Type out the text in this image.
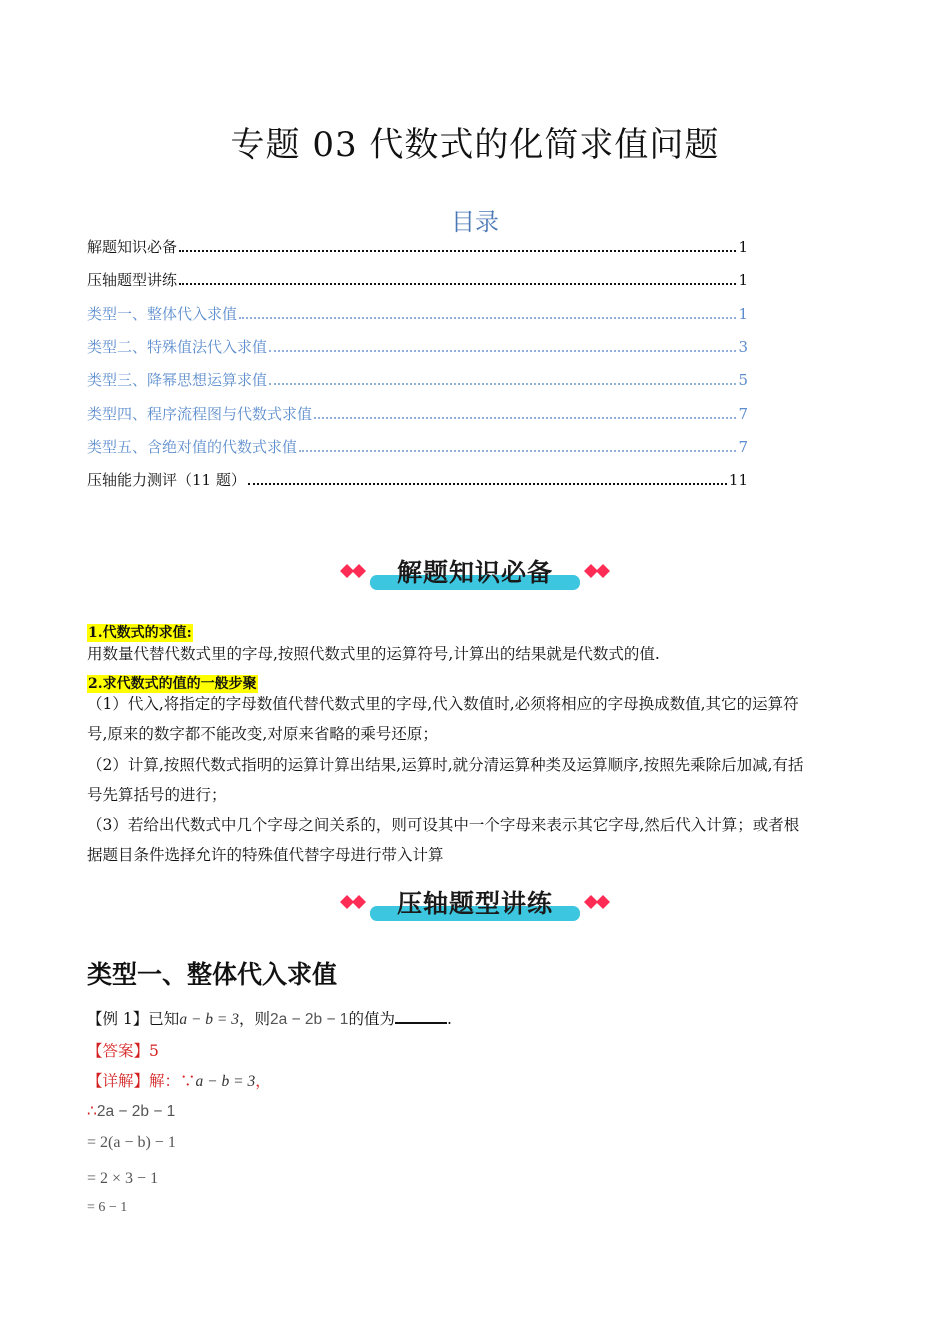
专题 03 代数式的化简求值问题
目录
解题知识必备	1
压轴题型讲练	1
类型一、整体代入求值	1
类型二、特殊值法代入求值	3
类型三、降幂思想运算求值	5
类型四、程序流程图与代数式求值	7
类型五、含绝对值的代数式求值	7
压轴能力测评（11 题）	11
解题知识必备
1.代数式的求值:
用数量代替代数式里的字母,按照代数式里的运算符号,计算出的结果就是代数式的值.
2.求代数式的值的一般步聚
（1）代入,将指定的字母数值代替代数式里的字母,代入数值时,必须将相应的字母换成数值,其它的运算符
号,原来的数字都不能改变,对原来省略的乘号还原；
（2）计算,按照代数式指明的运算计算出结果,运算时,就分清运算种类及运算顺序,按照先乘除后加减,有括
号先算括号的进行；
（3）若给出代数式中几个字母之间关系的，则可设其中一个字母来表示其它字母,然后代入计算；或者根
据题目条件选择允许的特殊值代替字母进行带入计算
压轴题型讲练
类型一、整体代入求值
【例 1】已知a − b = 3，则2a − 2b − 1的值为	.
【答案】5
【详解】解：∵a − b = 3，
∴2a − 2b − 1
= 2(a − b) − 1
= 2 × 3 − 1
= 6 − 1
